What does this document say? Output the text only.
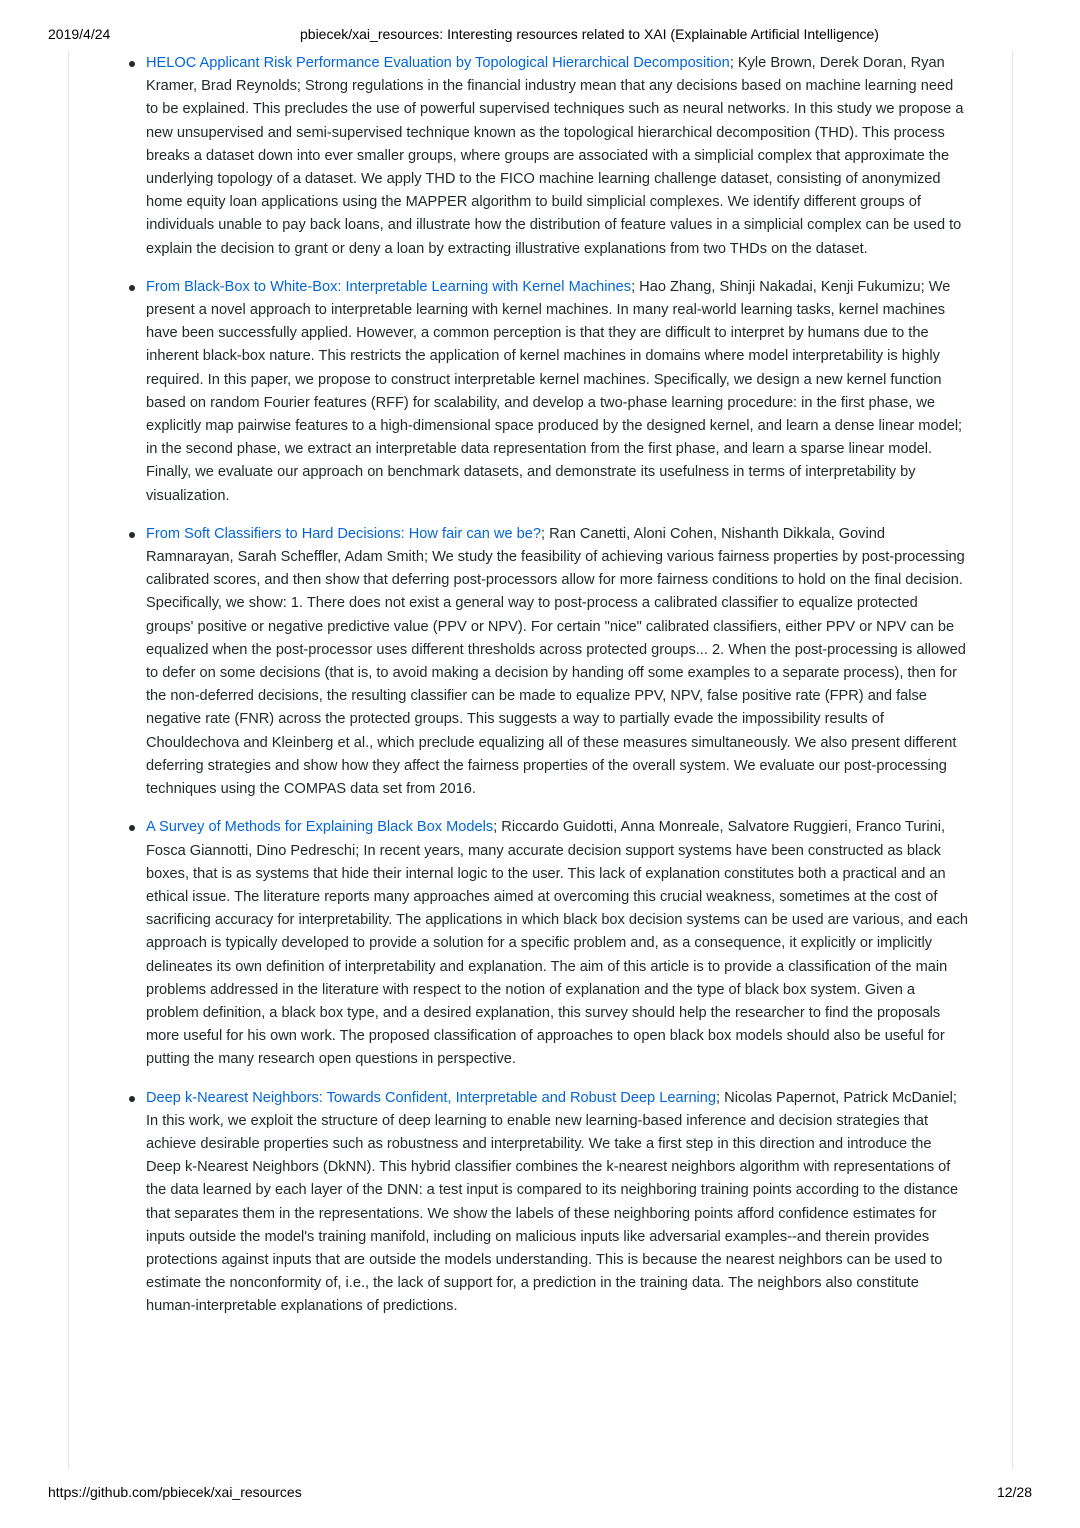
2019/4/24	pbiecek/xai_resources: Interesting resources related to XAI (Explainable Artificial Intelligence)
HELOC Applicant Risk Performance Evaluation by Topological Hierarchical Decomposition; Kyle Brown, Derek Doran, Ryan Kramer, Brad Reynolds; Strong regulations in the financial industry mean that any decisions based on machine learning need to be explained. This precludes the use of powerful supervised techniques such as neural networks. In this study we propose a new unsupervised and semi-supervised technique known as the topological hierarchical decomposition (THD). This process breaks a dataset down into ever smaller groups, where groups are associated with a simplicial complex that approximate the underlying topology of a dataset. We apply THD to the FICO machine learning challenge dataset, consisting of anonymized home equity loan applications using the MAPPER algorithm to build simplicial complexes. We identify different groups of individuals unable to pay back loans, and illustrate how the distribution of feature values in a simplicial complex can be used to explain the decision to grant or deny a loan by extracting illustrative explanations from two THDs on the dataset.
From Black-Box to White-Box: Interpretable Learning with Kernel Machines; Hao Zhang, Shinji Nakadai, Kenji Fukumizu; We present a novel approach to interpretable learning with kernel machines. In many real-world learning tasks, kernel machines have been successfully applied. However, a common perception is that they are difficult to interpret by humans due to the inherent black-box nature. This restricts the application of kernel machines in domains where model interpretability is highly required. In this paper, we propose to construct interpretable kernel machines. Specifically, we design a new kernel function based on random Fourier features (RFF) for scalability, and develop a two-phase learning procedure: in the first phase, we explicitly map pairwise features to a high-dimensional space produced by the designed kernel, and learn a dense linear model; in the second phase, we extract an interpretable data representation from the first phase, and learn a sparse linear model. Finally, we evaluate our approach on benchmark datasets, and demonstrate its usefulness in terms of interpretability by visualization.
From Soft Classifiers to Hard Decisions: How fair can we be?; Ran Canetti, Aloni Cohen, Nishanth Dikkala, Govind Ramnarayan, Sarah Scheffler, Adam Smith; We study the feasibility of achieving various fairness properties by post-processing calibrated scores, and then show that deferring post-processors allow for more fairness conditions to hold on the final decision. Specifically, we show: 1. There does not exist a general way to post-process a calibrated classifier to equalize protected groups' positive or negative predictive value (PPV or NPV). For certain "nice" calibrated classifiers, either PPV or NPV can be equalized when the post-processor uses different thresholds across protected groups... 2. When the post-processing is allowed to defer on some decisions (that is, to avoid making a decision by handing off some examples to a separate process), then for the non-deferred decisions, the resulting classifier can be made to equalize PPV, NPV, false positive rate (FPR) and false negative rate (FNR) across the protected groups. This suggests a way to partially evade the impossibility results of Chouldechova and Kleinberg et al., which preclude equalizing all of these measures simultaneously. We also present different deferring strategies and show how they affect the fairness properties of the overall system. We evaluate our post-processing techniques using the COMPAS data set from 2016.
A Survey of Methods for Explaining Black Box Models; Riccardo Guidotti, Anna Monreale, Salvatore Ruggieri, Franco Turini, Fosca Giannotti, Dino Pedreschi; In recent years, many accurate decision support systems have been constructed as black boxes, that is as systems that hide their internal logic to the user. This lack of explanation constitutes both a practical and an ethical issue. The literature reports many approaches aimed at overcoming this crucial weakness, sometimes at the cost of sacrificing accuracy for interpretability. The applications in which black box decision systems can be used are various, and each approach is typically developed to provide a solution for a specific problem and, as a consequence, it explicitly or implicitly delineates its own definition of interpretability and explanation. The aim of this article is to provide a classification of the main problems addressed in the literature with respect to the notion of explanation and the type of black box system. Given a problem definition, a black box type, and a desired explanation, this survey should help the researcher to find the proposals more useful for his own work. The proposed classification of approaches to open black box models should also be useful for putting the many research open questions in perspective.
Deep k-Nearest Neighbors: Towards Confident, Interpretable and Robust Deep Learning; Nicolas Papernot, Patrick McDaniel; In this work, we exploit the structure of deep learning to enable new learning-based inference and decision strategies that achieve desirable properties such as robustness and interpretability. We take a first step in this direction and introduce the Deep k-Nearest Neighbors (DkNN). This hybrid classifier combines the k-nearest neighbors algorithm with representations of the data learned by each layer of the DNN: a test input is compared to its neighboring training points according to the distance that separates them in the representations. We show the labels of these neighboring points afford confidence estimates for inputs outside the model's training manifold, including on malicious inputs like adversarial examples--and therein provides protections against inputs that are outside the models understanding. This is because the nearest neighbors can be used to estimate the nonconformity of, i.e., the lack of support for, a prediction in the training data. The neighbors also constitute human-interpretable explanations of predictions.
https://github.com/pbiecek/xai_resources	12/28
